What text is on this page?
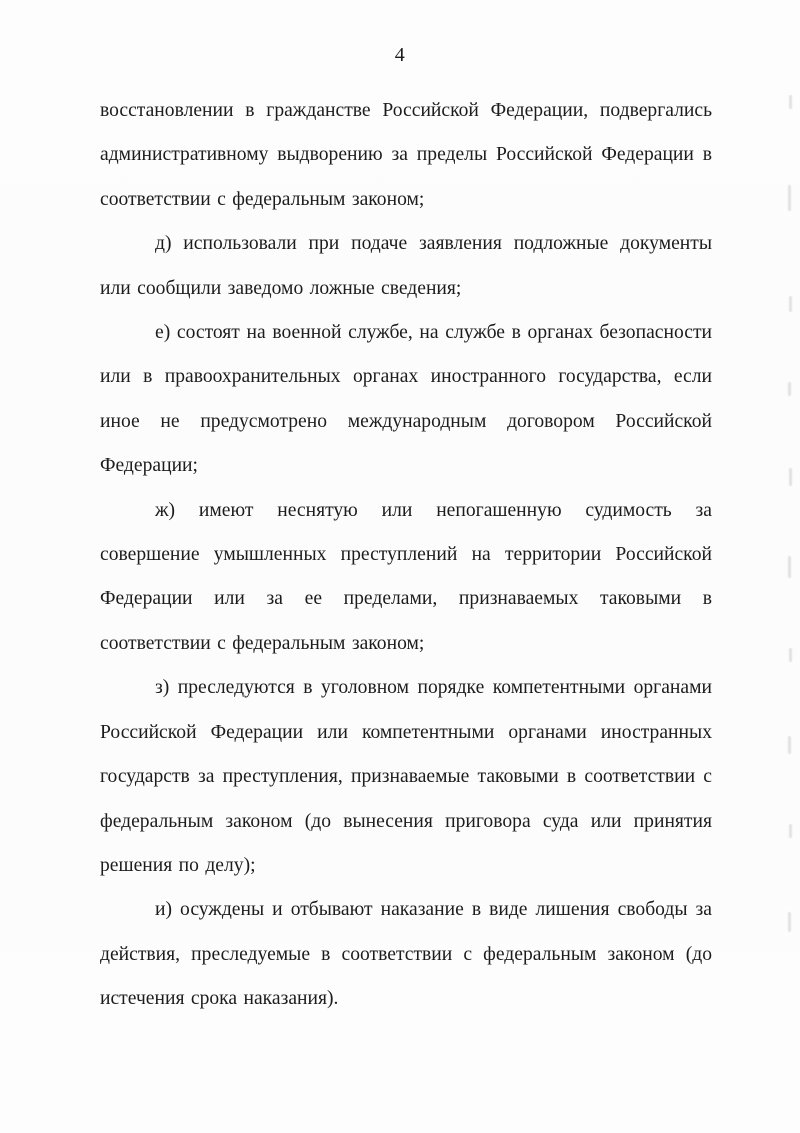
4

восстановлении в гражданстве Российской Федерации, подвергались административному выдворению за пределы Российской Федерации в соответствии с федеральным законом;

д) использовали при подаче заявления подложные документы или сообщили заведомо ложные сведения;

е) состоят на военной службе, на службе в органах безопасности или в правоохранительных органах иностранного государства, если иное не предусмотрено международным договором Российской Федерации;

ж) имеют неснятую или непогашенную судимость за совершение умышленных преступлений на территории Российской Федерации или за ее пределами, признаваемых таковыми в соответствии с федеральным законом;

з) преследуются в уголовном порядке компетентными органами Российской Федерации или компетентными органами иностранных государств за преступления, признаваемые таковыми в соответствии с федеральным законом (до вынесения приговора суда или принятия решения по делу);

и) осуждены и отбывают наказание в виде лишения свободы за действия, преследуемые в соответствии с федеральным законом (до истечения срока наказания).
